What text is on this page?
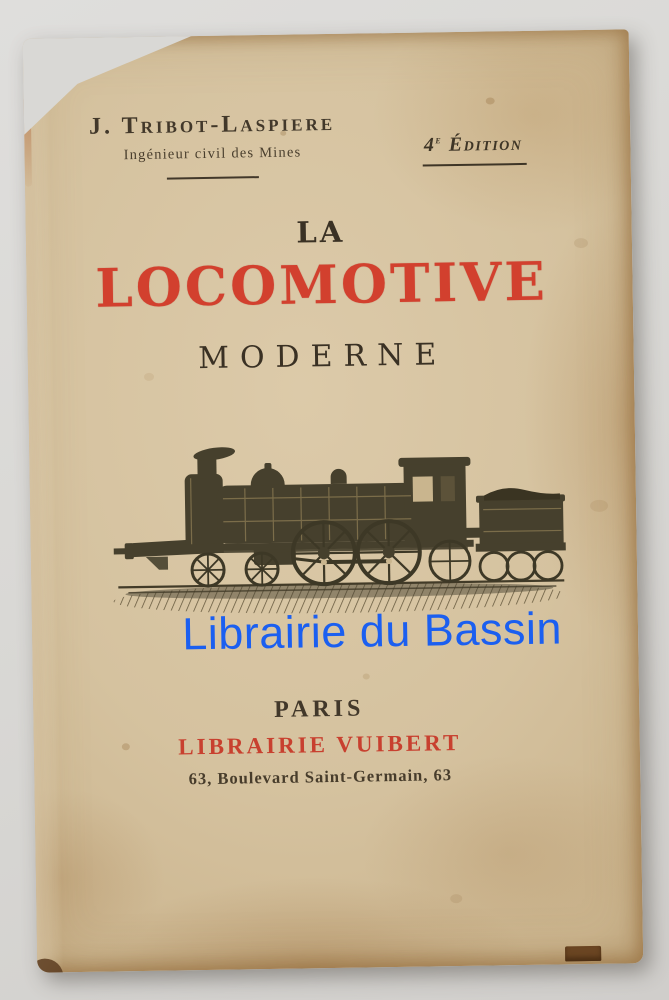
J. Tribot-Laspiere
Ingénieur civil des Mines	4e Édition
LA
LOCOMOTIVE
MODERNE
Librairie du Bassin
PARIS
LIBRAIRIE VUIBERT
63, Boulevard Saint-Germain, 63
